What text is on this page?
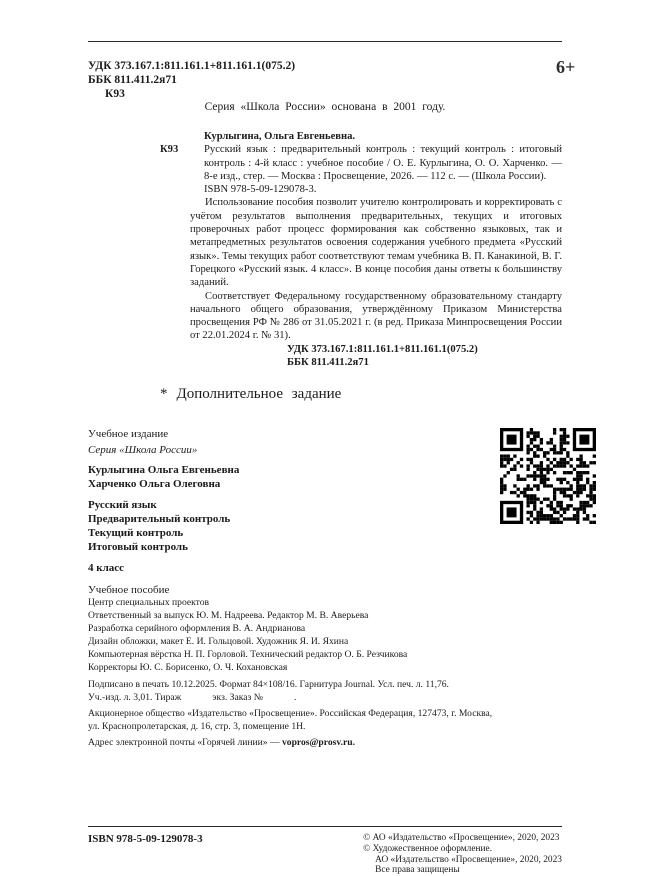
УДК 373.167.1:811.161.1+811.161.1(075.2)
ББК 811.411.2я71
К93
6+
Серия «Школа России» основана в 2001 году.
Курлыгина, Ольга Евгеньевна.
К93 Русский язык : предварительный контроль : текущий контроль : итоговый контроль : 4-й класс : учебное пособие / О. Е. Курлыгина, О. О. Харченко. — 8-е изд., стер. — Москва : Просвещение, 2026. — 112 с. — (Школа России).

ISBN 978-5-09-129078-3.

Использование пособия позволит учителю контролировать и корректировать с учётом результатов выполнения предварительных, текущих и итоговых проверочных работ процесс формирования как собственно языковых, так и метапредметных результатов освоения содержания учебного предмета «Русский язык». Темы текущих работ соответствуют темам учебника В. П. Канакиной, В. Г. Горецкого «Русский язык. 4 класс». В конце пособия даны ответы к большинству заданий.

Соответствует Федеральному государственному образовательному стандарту начального общего образования, утверждённому Приказом Министерства просвещения РФ № 286 от 31.05.2021 г. (в ред. Приказа Минпросвещения России от 22.01.2024 г. № 31).

УДК 373.167.1:811.161.1+811.161.1(075.2)
ББК 811.411.2я71
* Дополнительное задание
Учебное издание
Серия «Школа России»
Курлыгина Ольга Евгеньевна
Харченко Ольга Олеговна
Русский язык
Предварительный контроль
Текущий контроль
Итоговый контроль
4 класс
Учебное пособие
Центр специальных проектов
Ответственный за выпуск Ю. М. Надреева. Редактор М. В. Аверьева
Разработка серийного оформления В. А. Андрианова
Дизайн обложки, макет Е. И. Гольцовой. Художник Я. И. Яхина
Компьютерная вёрстка Н. П. Горловой. Технический редактор О. Б. Резчикова
Корректоры Ю. С. Борисенко, О. Ч. Кохановская
Подписано в печать 10.12.2025. Формат 84×108/16. Гарнитура Journal. Усл. печ. л. 11,76.
Уч.-изд. л. 3,01. Тираж             экз. Заказ №             .
Акционерное общество «Издательство «Просвещение». Российская Федерация, 127473, г. Москва,
ул. Краснопролетарская, д. 16, стр. 3, помещение 1Н.
Адрес электронной почты «Горячей линии» — vopros@prosv.ru.
ISBN 978-5-09-129078-3	© АО «Издательство «Просвещение», 2020, 2023
© Художественное оформление.
АО «Издательство «Просвещение», 2020, 2023
Все права защищены
